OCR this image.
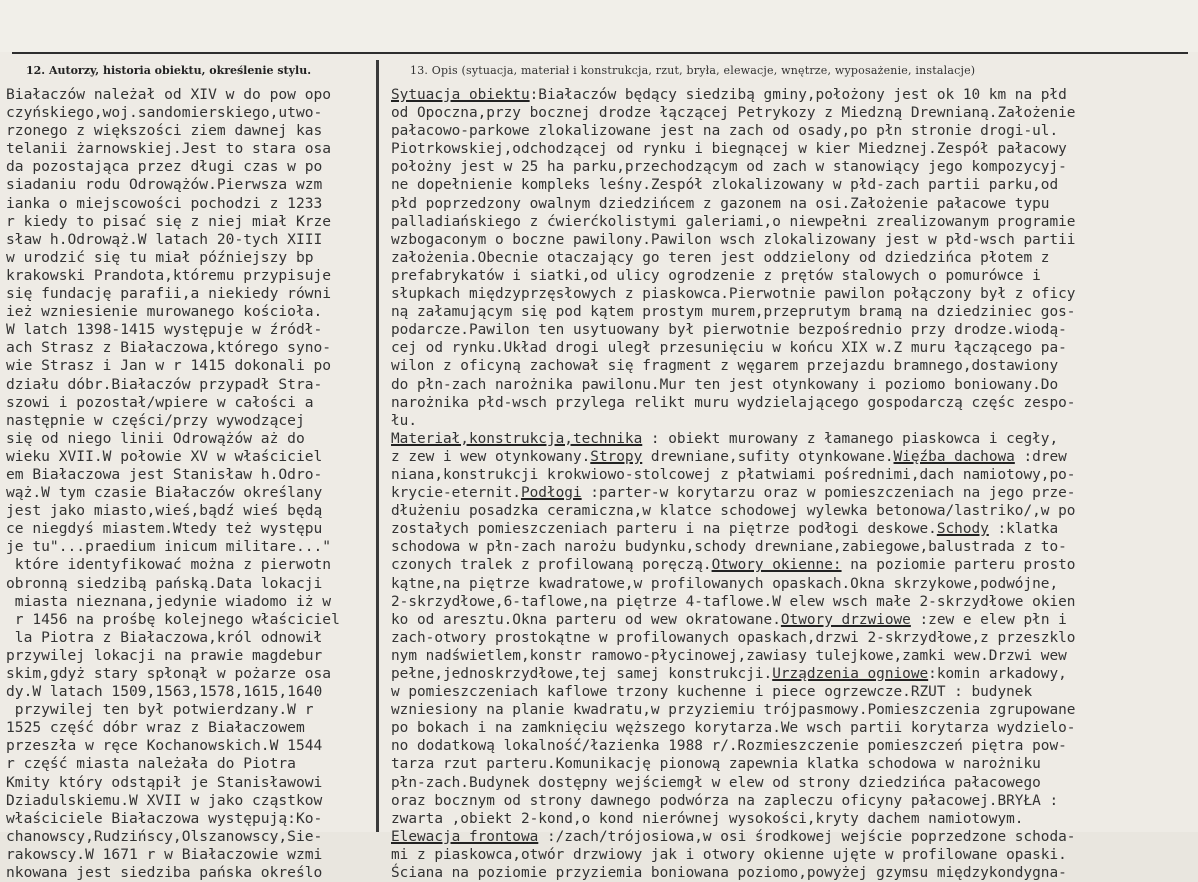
12. Autorzy, historia obiektu, określenie stylu.	13. Opis (sytuacja, materiał i konstrukcja, rzut, bryła, elewacje, wnętrze, wyposażenie, instalacje)
Białaczów należał od XIV w do pow opo
czyńskiego,woj.sandomierskiego,utwo-
rzonego z większości ziem dawnej kas
telanii żarnowskiej.Jest to stara osa
da pozostająca przez długi czas w po
siadaniu rodu Odrowążów.Pierwsza wzm
ianka o miejscowości pochodzi z 1233
r kiedy to pisać się z niej miał Krze
sław h.Odrowąż.W latach 20-tych XIII
w urodzić się tu miał późniejszy bp
krakowski Prandota,któremu przypisuje
się fundację parafii,a niekiedy równi
ież wzniesienie murowanego kościoła.
W latch 1398-1415 występuje w źródł-
ach Strasz z Białaczowa,którego syno-
wie Strasz i Jan w r 1415 dokonali po
działu dóbr.Białaczów przypadł Stra-
szowi i pozostał/wpiere w całości a
następnie w części/przy wywodzącej
się od niego linii Odrowążów aż do
wieku XVII.W połowie XV w właściciel
em Białaczowa jest Stanisław h.Odro-
wąż.W tym czasie Białaczów określany
jest jako miasto,wieś,bądź wieś będą
ce niegdyś miastem.Wtedy też występu
je tu"...praedium inicum militare..."
które identyfikować można z pierwotn
obronną siedzibą pańską.Data lokacji
miasta nieznana,jedynie wiadomo iż w
r 1456 na prośbę kolejnego właściciel
la Piotra z Białaczowa,król odnowił
przywilej lokacji na prawie magdebur
skim,gdyż stary spłonął w pożarze osa
dy.W latach 1509,1563,1578,1615,1640
przywilej ten był potwierdzany.W r
1525 część dóbr wraz z Białaczowem
przeszła w ręce Kochanowskich.W 1544
r część miasta należała do Piotra
Kmity który odstąpił je Stanisławowi
Dziadulskiemu.W XVII w jako cząstkow
właściciele Białaczowa występują:Ko-
chanowscy,Rudzińscy,Olszanowscy,Sie-
rakowscy.W 1671 r w Białaczowie wzmi
nkowana jest siedziba pańska określo
Sytuacja obiektu:Białaczów będący siedzibą gminy,położony jest ok 10 km na płd
od Opoczna,przy bocznej drodze łączącej Petrykozy z Miedzną Drewnianą.Założenie
pałacowo-parkowe zlokalizowane jest na zach od osady,po płn stronie drogi-ul.
Piotrkowskiej,odchodzącej od rynku i biegnącej w kier Miedznej.Zespół pałacowy
położny jest w 25 ha parku,przechodzącym od zach w stanowiący jego kompozycyj-
ne dopełnienie kompleks leśny.Zespół zlokalizowany w płd-zach partii parku,od
płd poprzedzony owalnym dziedzińcem z gazonem na osi.Założenie pałacowe typu
palladiańskiego z ćwierćkolistymi galeriami,o niewpełni zrealizowanym programie
wzbogaconym o boczne pawilony.Pawilon wsch zlokalizowany jest w płd-wsch partii
założenia.Obecnie otaczający go teren jest oddzielony od dziedzińca płotem z
prefabrykatów i siatki,od ulicy ogrodzenie z prętów stalowych o pomurówce i
słupkach międzyprzęsłowych z piaskowca.Pierwotnie pawilon połączony był z oficy
ną załamującym się pod kątem prostym murem,przeprutym bramą na dziedziniec gos-
podarcze.Pawilon ten usytuowany był pierwotnie bezpośrednio przy drodze.wiodą-
cej od rynku.Układ drogi uległ przesunięciu w końcu XIX w.Z muru łączącego pa-
wilon z oficyną zachował się fragment z węgarem przejazdu bramnego,dostawiony
do płn-zach narożnika pawilonu.Mur ten jest otynkowany i poziomo boniowany.Do
narożnika płd-wsch przylega relikt muru wydzielającego gospodarczą częśc zespo-
łu.
Materiał,konstrukcja,technika : obiekt murowany z łamanego piaskowca i cegły,
z zew i wew otynkowany.Stropy drewniane,sufity otynkowane.Więźba dachowa :drew
niana,konstrukcji krokwiowo-stolcowej z płatwiami pośrednimi,dach namiotowy,po-
krycie-eternit.Podłogi :parter-w korytarzu oraz w pomieszczeniach na jego prze-
dłużeniu posadzka ceramiczna,w klatce schodowej wylewka betonowa/lastriko/,w po
zostałych pomieszczeniach parteru i na piętrze podłogi deskowe.Schody :klatka
schodowa w płn-zach narożu budynku,schody drewniane,zabiegowe,balustrada z to-
czonych tralek z profilowaną poręczą.Otwory okienne: na poziomie parteru prosto
kątne,na piętrze kwadratowe,w profilowanych opaskach.Okna skrzykowe,podwójne,
2-skrzydłowe,6-taflowe,na piętrze 4-taflowe.W elew wsch małe 2-skrzydłowe okien
ko od aresztu.Okna parteru od wew okratowane.Otwory drzwiowe :zew e elew płn i
zach-otwory prostokątne w profilowanych opaskach,drzwi 2-skrzydłowe,z przeszklo
nym nadświetlem,konstr ramowo-płycinowej,zawiasy tulejkowe,zamki wew.Drzwi wew
pełne,jednoskrzydłowe,tej samej konstrukcji.Urządzenia ogniowe:komin arkadowy,
w pomieszczeniach kaflowe trzony kuchenne i piece ogrzewcze.RZUT : budynek
wzniesiony na planie kwadratu,w przyziemiu trójpasmowy.Pomieszczenia zgrupowane
po bokach i na zamknięciu węższego korytarza.We wsch partii korytarza wydzielo-
no dodatkową lokalność/łazienka 1988 r/.Rozmieszczenie pomieszczeń piętra pow-
tarza rzut parteru.Komunikację pionową zapewnia klatka schodowa w narożniku
płn-zach.Budynek dostępny wejściemgł w elew od strony dziedzińca pałacowego
oraz bocznym od strony dawnego podwórza na zapleczu oficyny pałacowej.BRYŁA :
zwarta ,obiekt 2-kond,o kond nierównej wysokości,kryty dachem namiotowym.
Elewacja frontowa :/zach/trójosiowa,w osi środkowej wejście poprzedzone schoda-
mi z piaskowca,otwór drzwiowy jak i otwory okienne ujęte w profilowane opaski.
Ściana na poziomie przyziemia boniowana poziomo,powyżej gzymsu międzykondygna-
